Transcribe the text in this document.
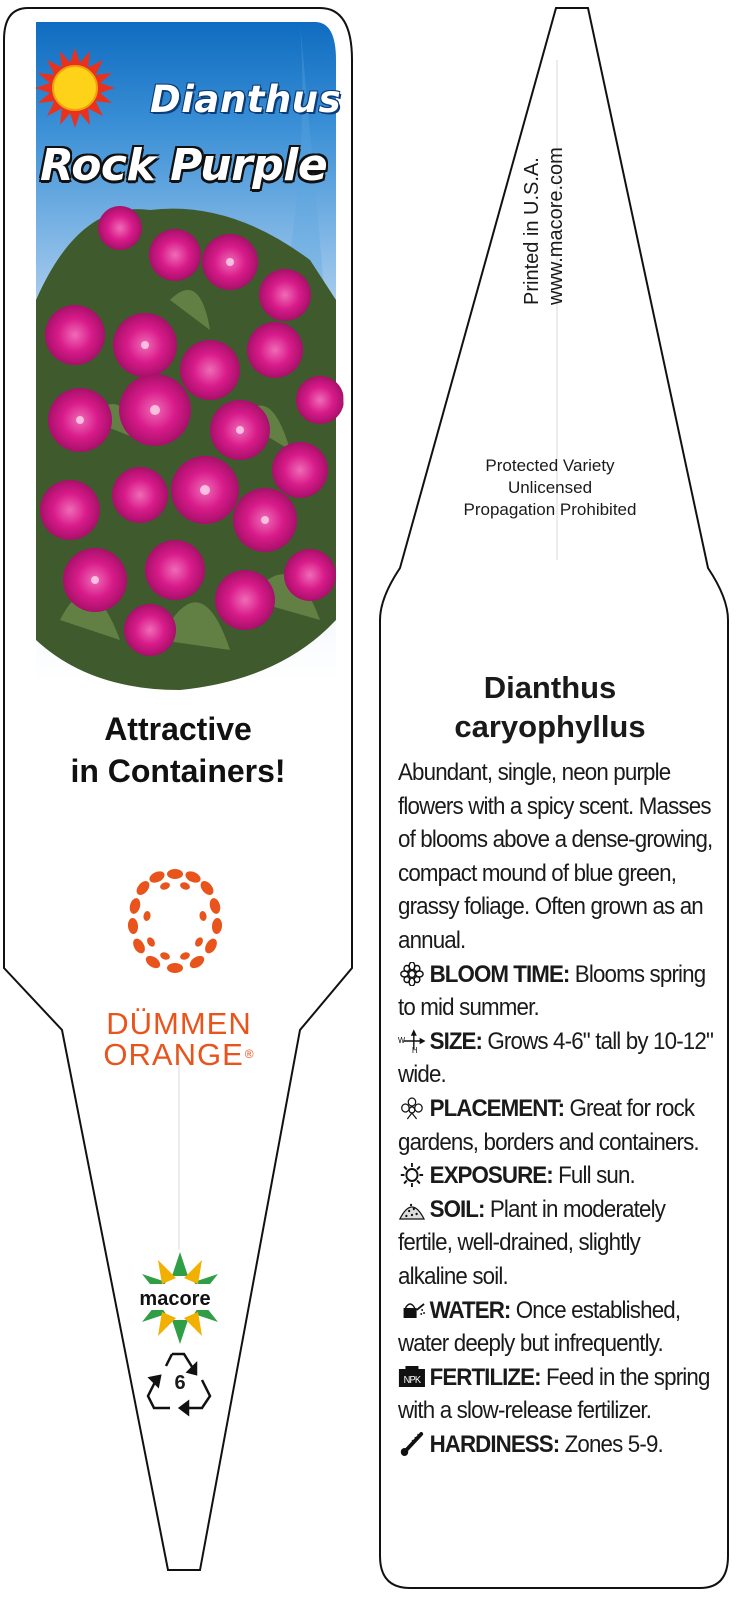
Dianthus
Rock Purple
Attractive
in Containers!
DÜMMEN
ORANGE®
macore
6
Printed in U.S.A. www.macore.com
Protected Variety
Unlicensed
Propagation Prohibited
Dianthus
caryophyllus
Abundant, single, neon purple flowers with a spicy scent. Masses of blooms above a dense-growing, compact mound of blue green, grassy foliage. Often grown as an annual.
BLOOM TIME: Blooms spring to mid summer.
W
H SIZE: Grows 4-6" tall by 10-12" wide.
PLACEMENT: Great for rock gardens, borders and containers.
EXPOSURE: Full sun.
SOIL: Plant in moderately fertile, well-drained, slightly alkaline soil.
WATER: Once established, water deeply but infrequently.
NPK FERTILIZE: Feed in the spring with a slow-release fertilizer.
HARDINESS: Zones 5-9.
